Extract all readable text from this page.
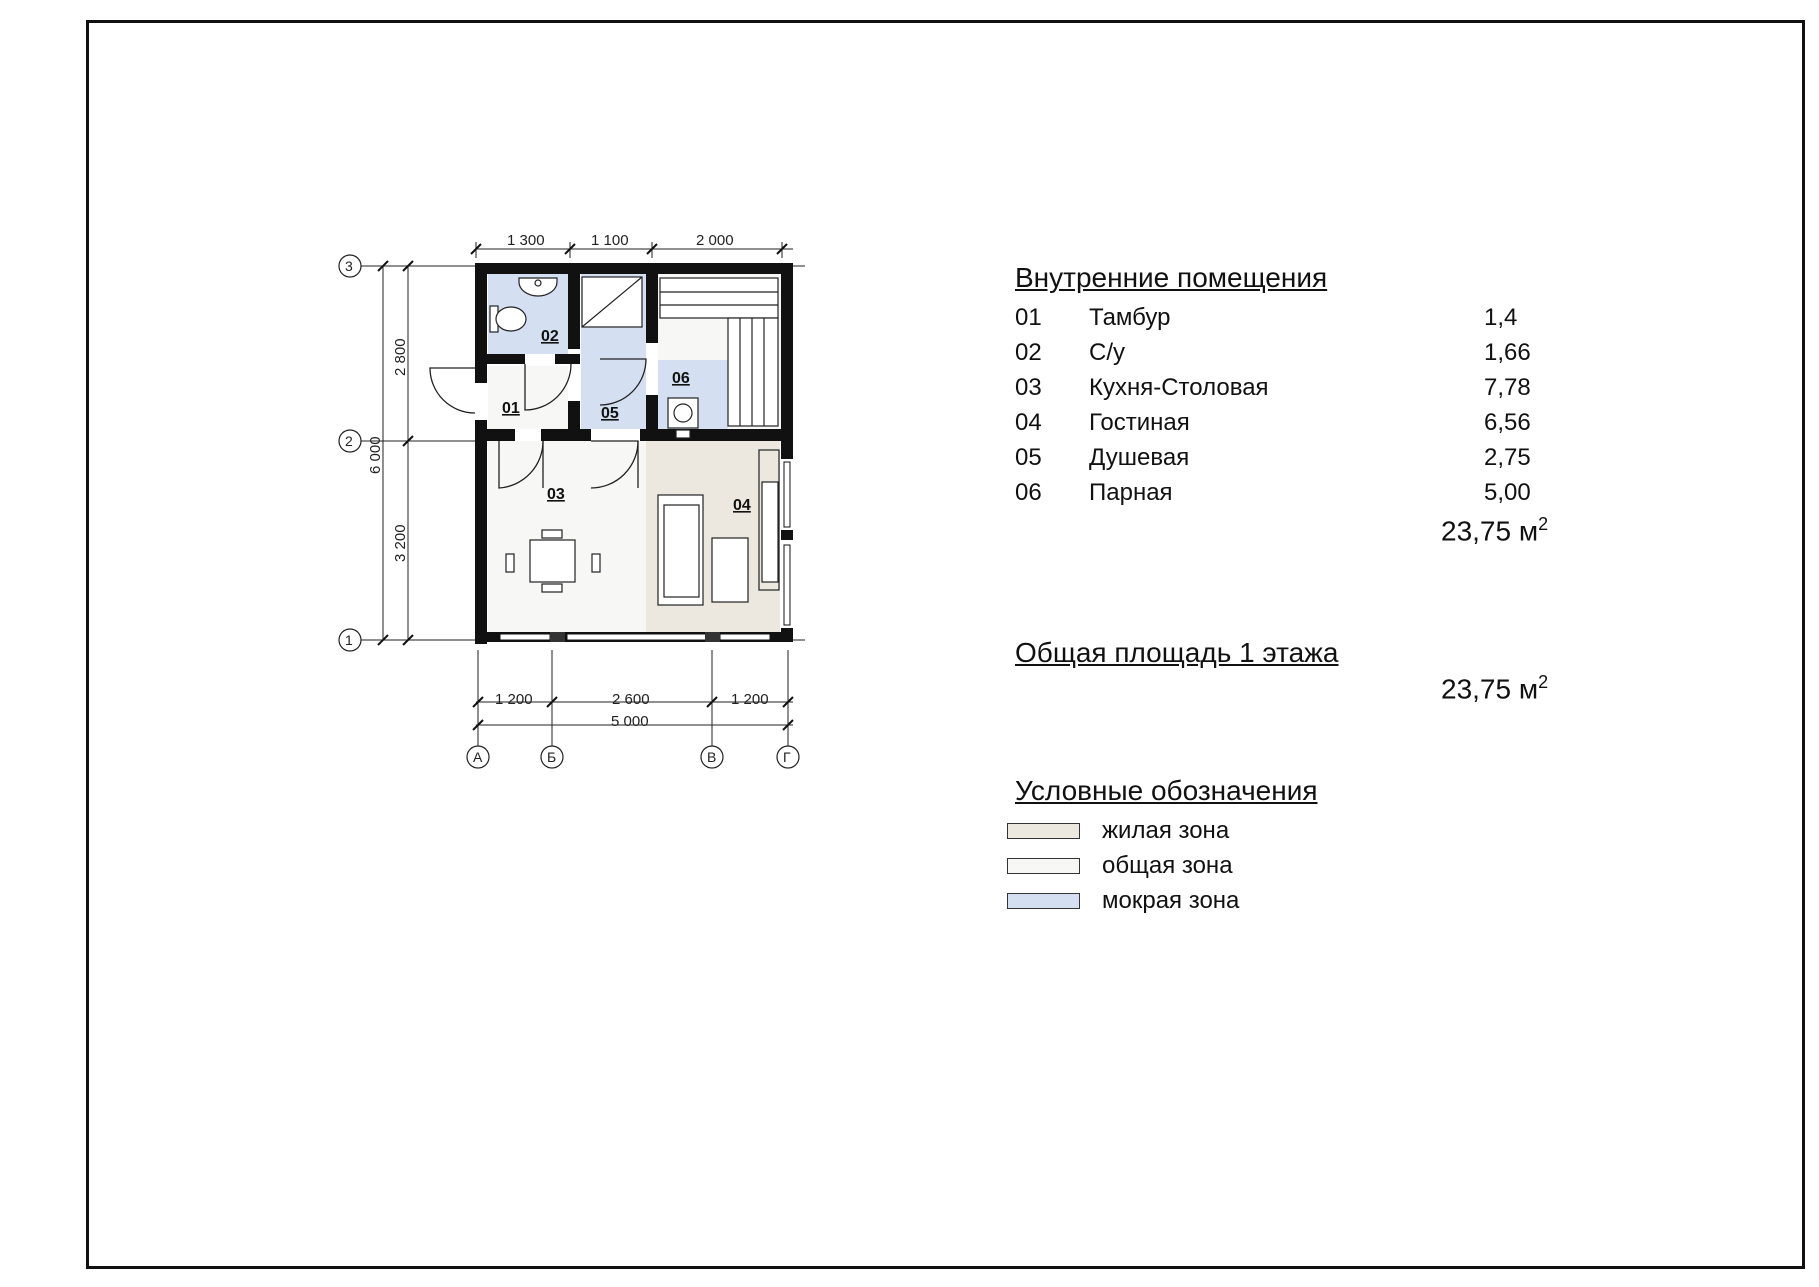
1 300	1 100	2 000
1 200	2 600	1 200
5 000
2 800
3 200
6 000
3
2
1
А	Б	В	Г
01
02
03
04
05
06
Внутренние помещения
01 Тамбур	1,4
02 С/у	1,66
03 Кухня-Столовая	7,78
04 Гостиная	6,56
05 Душевая	2,75
06 Парная	5,00
23,75 $м^2$
Общая площадь 1 этажа
23,75 $м^2$
Условные обозначения
жилая зона
общая зона
мокрая зона
